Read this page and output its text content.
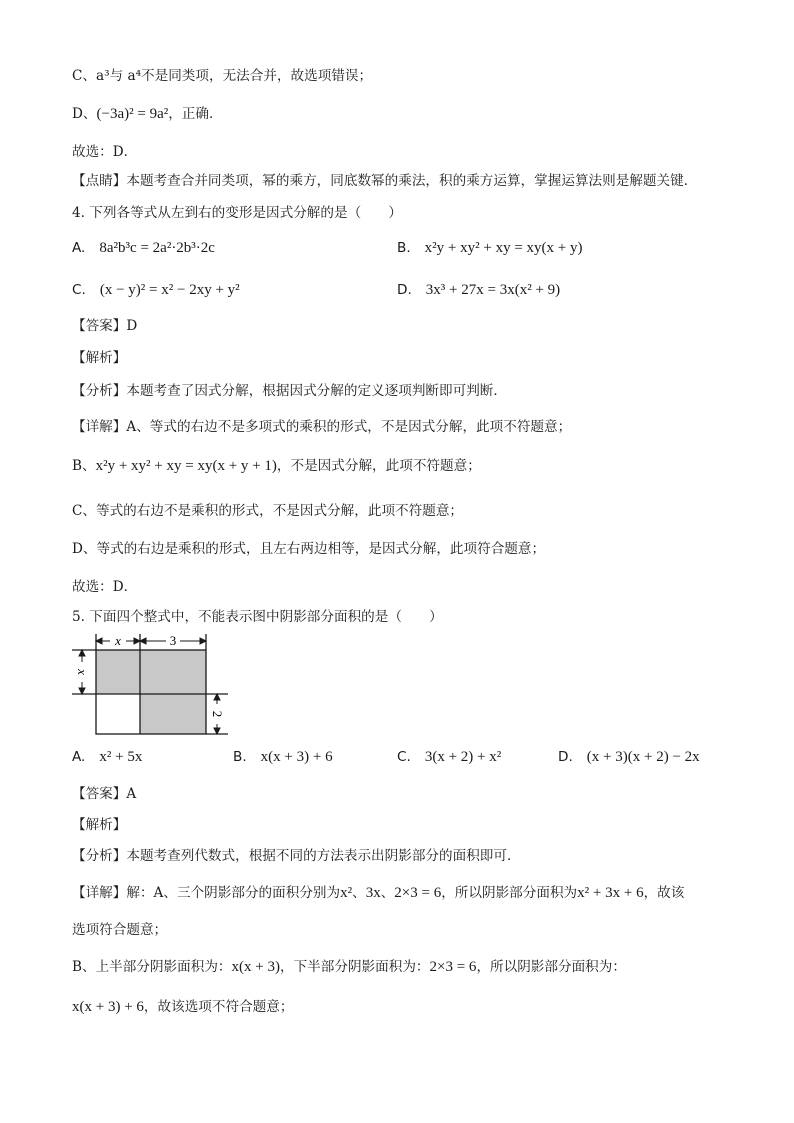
C、a³与 a⁴不是同类项，无法合并，故选项错误；
D、(−3a)² = 9a²，正确．
故选：D．
【点睛】本题考查合并同类项，幂的乘方，同底数幂的乘法，积的乘方运算，掌握运算法则是解题关键．
4. 下列各等式从左到右的变形是因式分解的是（　　）
A. 8a²b³c = 2a²·2b³·2c	B. x²y + xy² + xy = xy(x + y)
C. (x − y)² = x² − 2xy + y²	D. 3x³ + 27x = 3x(x² + 9)
【答案】D
【解析】
【分析】本题考查了因式分解，根据因式分解的定义逐项判断即可判断．
【详解】A、等式的右边不是多项式的乘积的形式，不是因式分解，此项不符题意；
B、x²y + xy² + xy = xy(x + y + 1)，不是因式分解，此项不符题意；
C、等式的右边不是乘积的形式，不是因式分解，此项不符题意；
D、等式的右边是乘积的形式，且左右两边相等，是因式分解，此项符合题意；
故选：D．
5. 下面四个整式中，不能表示图中阴影部分面积的是（　　）
x	3
x
2
A. x² + 5x	B. x(x + 3) + 6	C. 3(x + 2) + x²	D. (x + 3)(x + 2) − 2x
【答案】A
【解析】
【分析】本题考查列代数式，根据不同的方法表示出阴影部分的面积即可．
【详解】解：A、三个阴影部分的面积分别为x²、3x、2×3 = 6，所以阴影部分面积为x² + 3x + 6，故该
选项符合题意；
B、上半部分阴影面积为：x(x + 3)，下半部分阴影面积为：2×3 = 6，所以阴影部分面积为：
x(x + 3) + 6，故该选项不符合题意；
